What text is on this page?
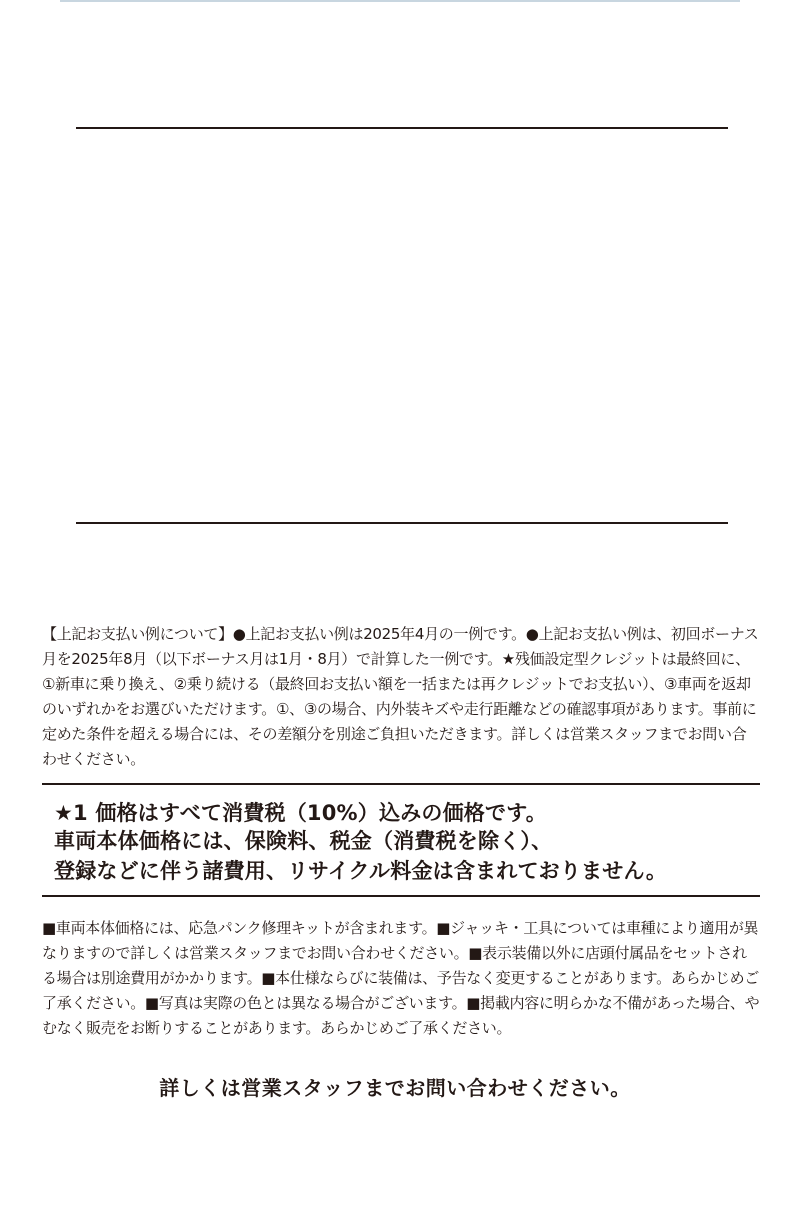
【上記お支払い例について】●上記お支払い例は2025年4月の一例です。●上記お支払い例は、初回ボーナス月を2025年8月（以下ボーナス月は1月・8月）で計算した一例です。★残価設定型クレジットは最終回に、①新車に乗り換え、②乗り続ける（最終回お支払い額を一括または再クレジットでお支払い）、③車両を返却のいずれかをお選びいただけます。①、③の場合、内外装キズや走行距離などの確認事項があります。事前に定めた条件を超える場合には、その差額分を別途ご負担いただきます。詳しくは営業スタッフまでお問い合わせください。

★1 価格はすべて消費税（10%）込みの価格です。
車両本体価格には、保険料、税金（消費税を除く）、
登録などに伴う諸費用、リサイクル料金は含まれておりません。

■車両本体価格には、応急パンク修理キットが含まれます。■ジャッキ・工具については車種により適用が異なりますので詳しくは営業スタッフまでお問い合わせください。■表示装備以外に店頭付属品をセットされる場合は別途費用がかかります。■本仕様ならびに装備は、予告なく変更することがあります。あらかじめご了承ください。■写真は実際の色とは異なる場合がございます。■掲載内容に明らかな不備があった場合、やむなく販売をお断りすることがあります。あらかじめご了承ください。

詳しくは営業スタッフまでお問い合わせください。
